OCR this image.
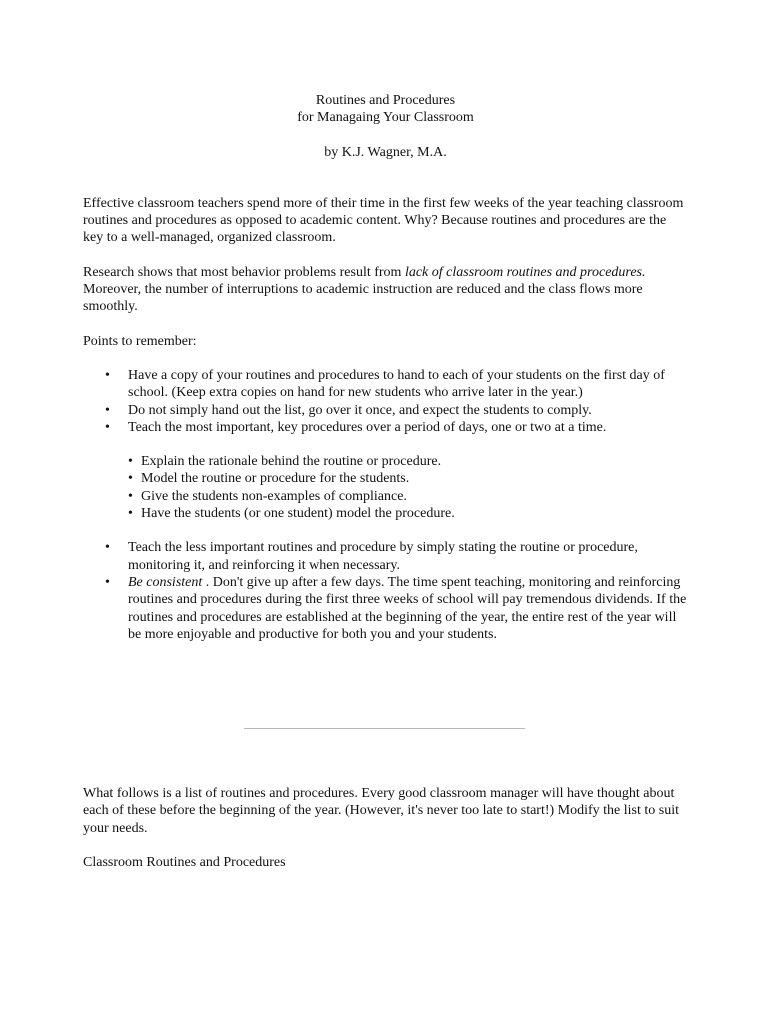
Routines and Procedures
for Managaing Your Classroom

by K.J. Wagner, M.A.

Effective classroom teachers spend more of their time in the first few weeks of the year teaching classroom routines and procedures as opposed to academic content. Why? Because routines and procedures are the key to a well-managed, organized classroom.

Research shows that most behavior problems result from lack of classroom routines and procedures. Moreover, the number of interruptions to academic instruction are reduced and the class flows more smoothly.

Points to remember:

• Have a copy of your routines and procedures to hand to each of your students on the first day of school. (Keep extra copies on hand for new students who arrive later in the year.)
• Do not simply hand out the list, go over it once, and expect the students to comply.
• Teach the most important, key procedures over a period of days, one or two at a time.
• Explain the rationale behind the routine or procedure.
• Model the routine or procedure for the students.
• Give the students non-examples of compliance.
• Have the students (or one student) model the procedure.
• Teach the less important routines and procedure by simply stating the routine or procedure, monitoring it, and reinforcing it when necessary.
• Be consistent . Don't give up after a few days. The time spent teaching, monitoring and reinforcing routines and procedures during the first three weeks of school will pay tremendous dividends. If the routines and procedures are established at the beginning of the year, the entire rest of the year will be more enjoyable and productive for both you and your students.

What follows is a list of routines and procedures. Every good classroom manager will have thought about each of these before the beginning of the year. (However, it's never too late to start!) Modify the list to suit your needs.

Classroom Routines and Procedures
